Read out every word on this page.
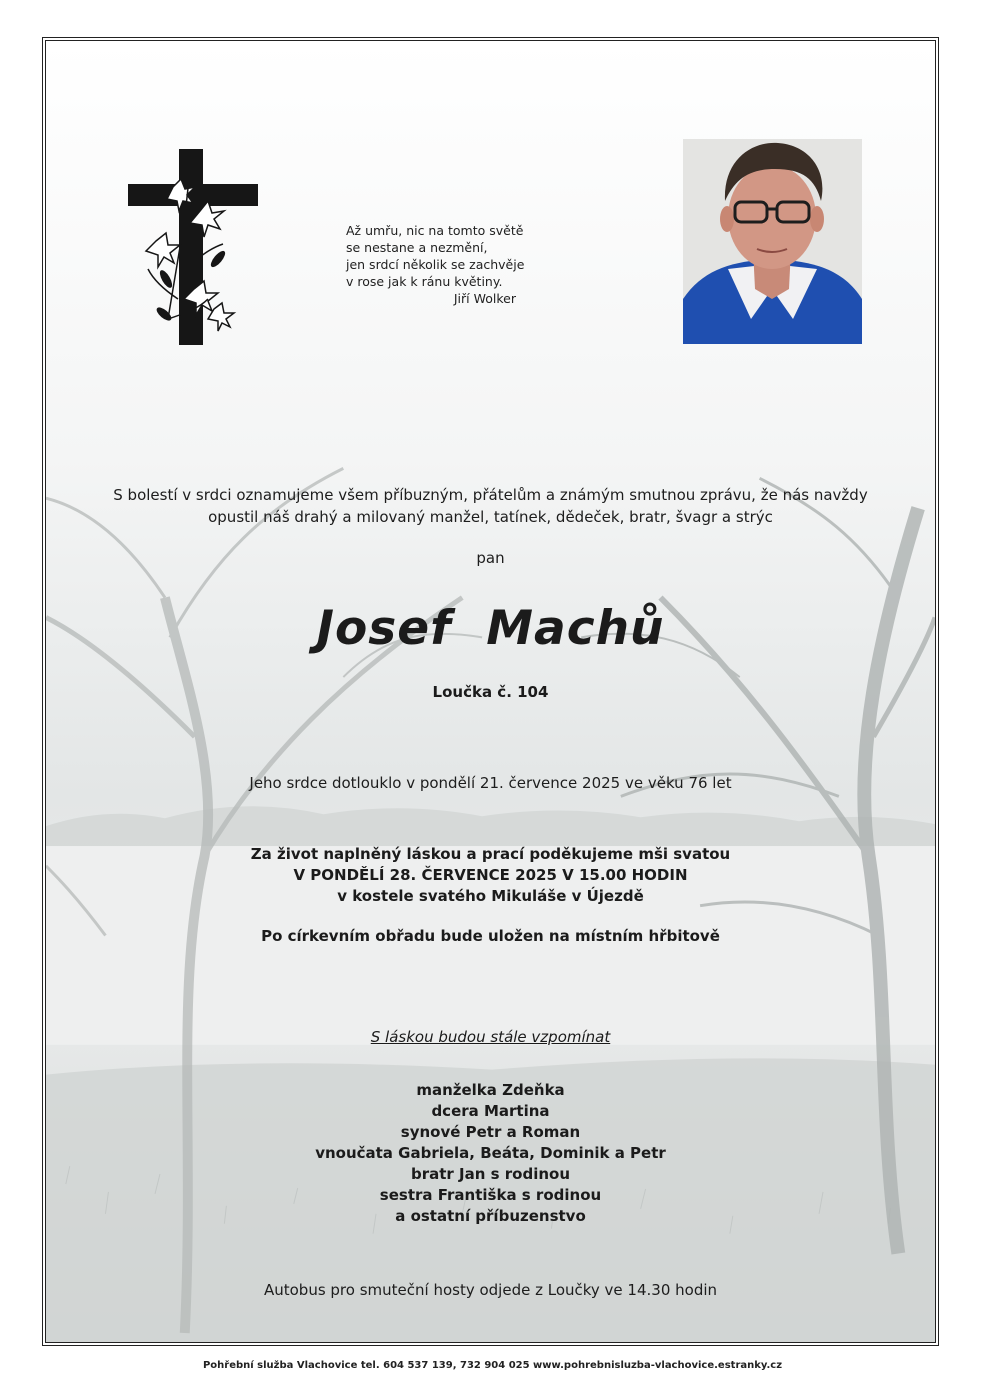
Až umřu, nic na tomto světě
se nestane a nezmění,
jen srdcí několik se zachvěje
v rose jak k ránu květiny.
Jiří Wolker
S bolestí v srdci oznamujeme všem příbuzným, přátelům a známým smutnou zprávu, že nás navždy
opustil náš drahý a milovaný manžel, tatínek, dědeček, bratr, švagr a strýc
pan
Josef  Machů
Loučka č. 104
Jeho srdce dotlouklo v pondělí 21. července 2025 ve věku 76 let
Za život naplněný láskou a prací poděkujeme mši svatou
V PONDĚLÍ 28. ČERVENCE 2025 V 15.00 HODIN
v kostele svatého Mikuláše v Újezdě
Po církevním obřadu bude uložen na místním hřbitově
S láskou budou stále vzpomínat
manželka Zdeňka
dcera Martina
synové Petr a Roman
vnoučata Gabriela, Beáta, Dominik a Petr
bratr Jan s rodinou
sestra Františka s rodinou
a ostatní příbuzenstvo
Autobus pro smuteční hosty odjede z Loučky ve 14.30 hodin
Pohřební služba Vlachovice tel. 604 537 139, 732 904 025 www.pohrebnisluzba-vlachovice.estranky.cz
